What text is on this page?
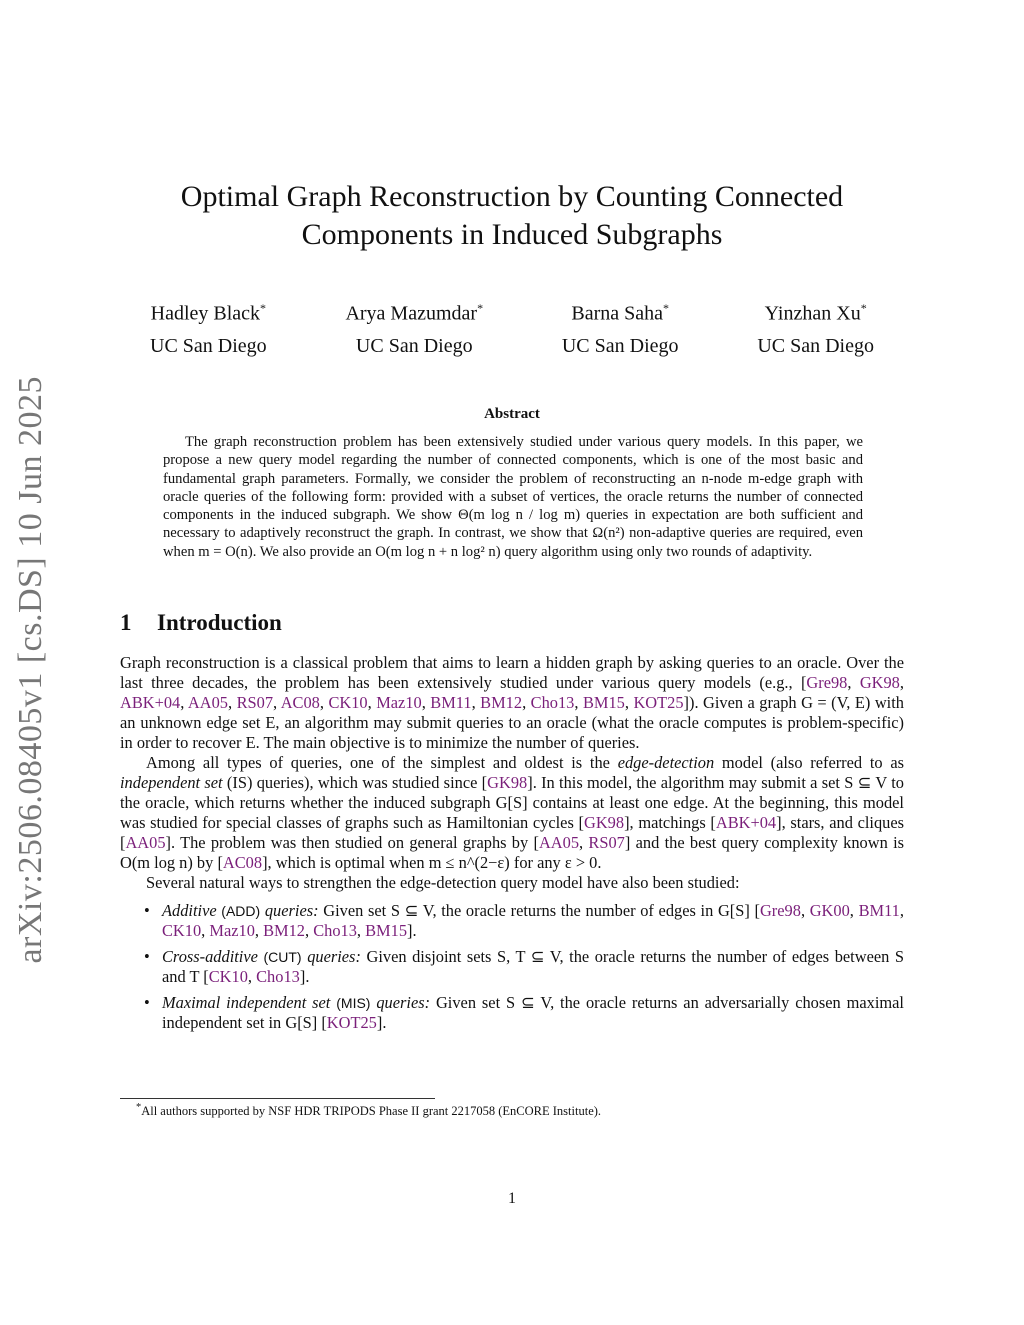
arXiv:2506.08405v1 [cs.DS] 10 Jun 2025
Optimal Graph Reconstruction by Counting Connected
Components in Induced Subgraphs
Hadley Black*
UC San Diego
Arya Mazumdar*
UC San Diego
Barna Saha*
UC San Diego
Yinzhan Xu*
UC San Diego
Abstract
The graph reconstruction problem has been extensively studied under various query models. In this paper, we propose a new query model regarding the number of connected components, which is one of the most basic and fundamental graph parameters. Formally, we consider the problem of reconstructing an n-node m-edge graph with oracle queries of the following form: provided with a subset of vertices, the oracle returns the number of connected components in the induced subgraph. We show Θ(m log n / log m) queries in expectation are both sufficient and necessary to adaptively reconstruct the graph. In contrast, we show that Ω(n²) non-adaptive queries are required, even when m = O(n). We also provide an O(m log n + n log² n) query algorithm using only two rounds of adaptivity.
1 Introduction

Graph reconstruction is a classical problem that aims to learn a hidden graph by asking queries to an oracle. Over the last three decades, the problem has been extensively studied under various query models (e.g., [Gre98, GK98, ABK+04, AA05, RS07, AC08, CK10, Maz10, BM11, BM12, Cho13, BM15, KOT25]). Given a graph G = (V, E) with an unknown edge set E, an algorithm may submit queries to an oracle (what the oracle computes is problem-specific) in order to recover E. The main objective is to minimize the number of queries.

Among all types of queries, one of the simplest and oldest is the edge-detection model (also referred to as independent set (IS) queries), which was studied since [GK98]. In this model, the algorithm may submit a set S ⊆ V to the oracle, which returns whether the induced subgraph G[S] contains at least one edge. At the beginning, this model was studied for special classes of graphs such as Hamiltonian cycles [GK98], matchings [ABK+04], stars, and cliques [AA05]. The problem was then studied on general graphs by [AA05, RS07] and the best query complexity known is O(m log n) by [AC08], which is optimal when m ≤ n^(2−ε) for any ε > 0.

Several natural ways to strengthen the edge-detection query model have also been studied:

• Additive (ADD) queries: Given set S ⊆ V, the oracle returns the number of edges in G[S] [Gre98, GK00, BM11, CK10, Maz10, BM12, Cho13, BM15].
• Cross-additive (CUT) queries: Given disjoint sets S, T ⊆ V, the oracle returns the number of edges between S and T [CK10, Cho13].
• Maximal independent set (MIS) queries: Given set S ⊆ V, the oracle returns an adversarially chosen maximal independent set in G[S] [KOT25].
*All authors supported by NSF HDR TRIPODS Phase II grant 2217058 (EnCORE Institute).
1
